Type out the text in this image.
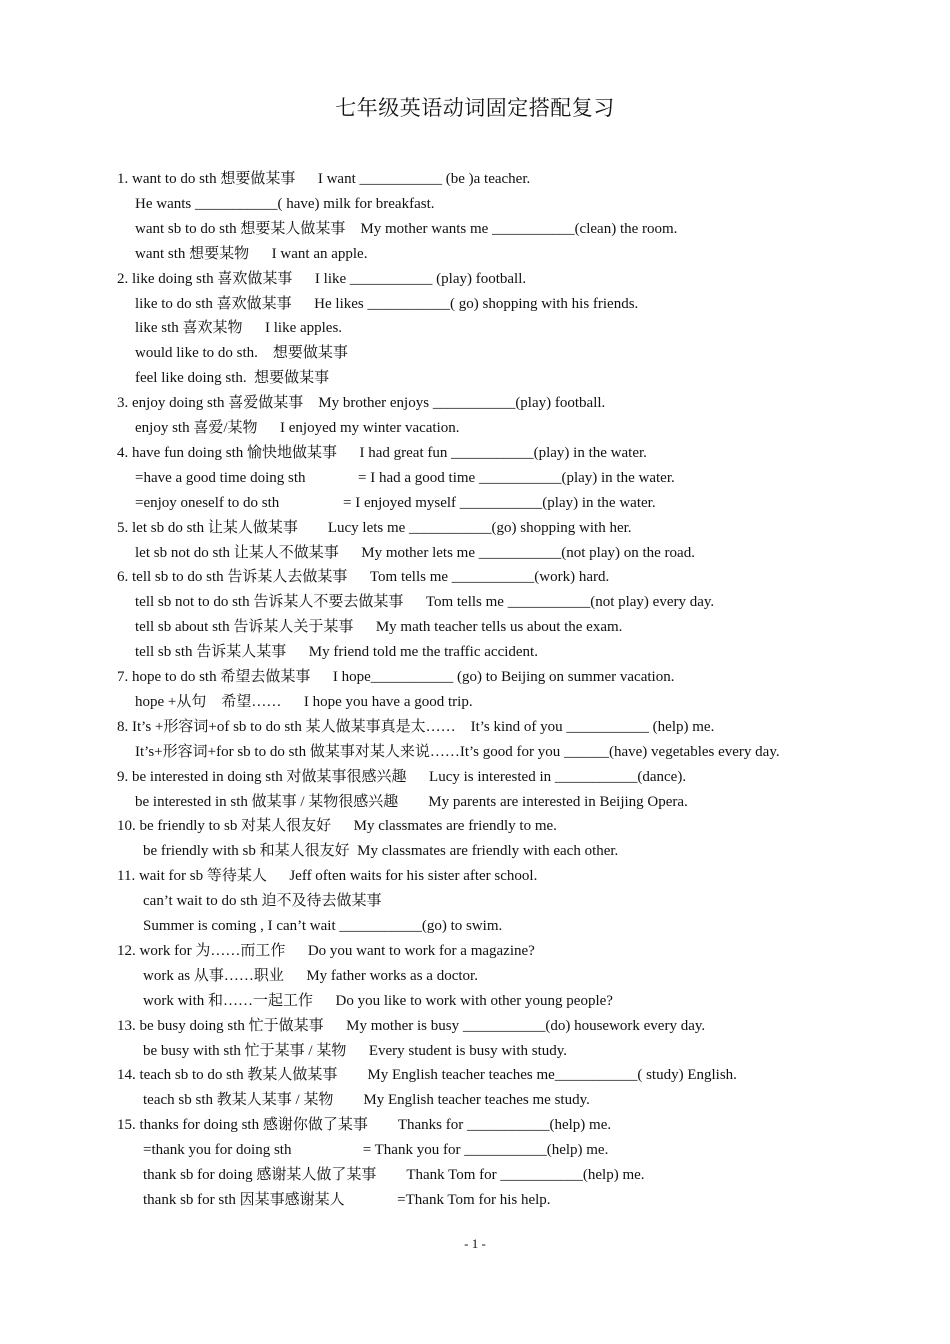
七年级英语动词固定搭配复习
1. want to do sth 想要做某事      I want ___________ (be )a teacher.
He wants ___________( have) milk for breakfast.
want sb to do sth 想要某人做某事    My mother wants me ___________(clean) the room.
want sth 想要某物      I want an apple.
2. like doing sth 喜欢做某事      I like ___________ (play) football.
like to do sth 喜欢做某事      He likes ___________( go) shopping with his friends.
like sth 喜欢某物      I like apples.
would like to do sth.    想要做某事
feel like doing sth.  想要做某事
3. enjoy doing sth 喜爱做某事    My brother enjoys ___________(play) football.
enjoy sth 喜爱/某物      I enjoyed my winter vacation.
4. have fun doing sth 愉快地做某事      I had great fun ___________(play) in the water.
=have a good time doing sth              = I had a good time ___________(play) in the water.
=enjoy oneself to do sth                 = I enjoyed myself ___________(play) in the water.
5. let sb do sth 让某人做某事        Lucy lets me ___________(go) shopping with her.
let sb not do sth 让某人不做某事      My mother lets me ___________(not play) on the road.
6. tell sb to do sth 告诉某人去做某事      Tom tells me ___________(work) hard.
tell sb not to do sth 告诉某人不要去做某事      Tom tells me ___________(not play) every day.
tell sb about sth 告诉某人关于某事      My math teacher tells us about the exam.
tell sb sth 告诉某人某事      My friend told me the traffic accident.
7. hope to do sth 希望去做某事      I hope___________ (go) to Beijing on summer vacation.
hope +从句    希望……      I hope you have a good trip.
8. It’s +形容词+of sb to do sth 某人做某事真是太……    It’s kind of you ___________ (help) me.
It’s+形容词+for sb to do sth 做某事对某人来说……It’s good for you ______(have) vegetables every day.
9. be interested in doing sth 对做某事很感兴趣      Lucy is interested in ___________(dance).
be interested in sth 做某事 / 某物很感兴趣        My parents are interested in Beijing Opera.
10. be friendly to sb 对某人很友好      My classmates are friendly to me.
be friendly with sb 和某人很友好  My classmates are friendly with each other.
11. wait for sb 等待某人      Jeff often waits for his sister after school.
can’t wait to do sth 迫不及待去做某事
Summer is coming , I can’t wait ___________(go) to swim.
12. work for 为……而工作      Do you want to work for a magazine?
work as 从事……职业      My father works as a doctor.
work with 和……一起工作      Do you like to work with other young people?
13. be busy doing sth 忙于做某事      My mother is busy ___________(do) housework every day.
be busy with sth 忙于某事 / 某物      Every student is busy with study.
14. teach sb to do sth 教某人做某事        My English teacher teaches me___________( study) English.
teach sb sth 教某人某事 / 某物        My English teacher teaches me study.
15. thanks for doing sth 感谢你做了某事        Thanks for ___________(help) me.
=thank you for doing sth                   = Thank you for ___________(help) me.
thank sb for doing 感谢某人做了某事        Thank Tom for ___________(help) me.
thank sb for sth 因某事感谢某人              =Thank Tom for his help.
- 1 -
